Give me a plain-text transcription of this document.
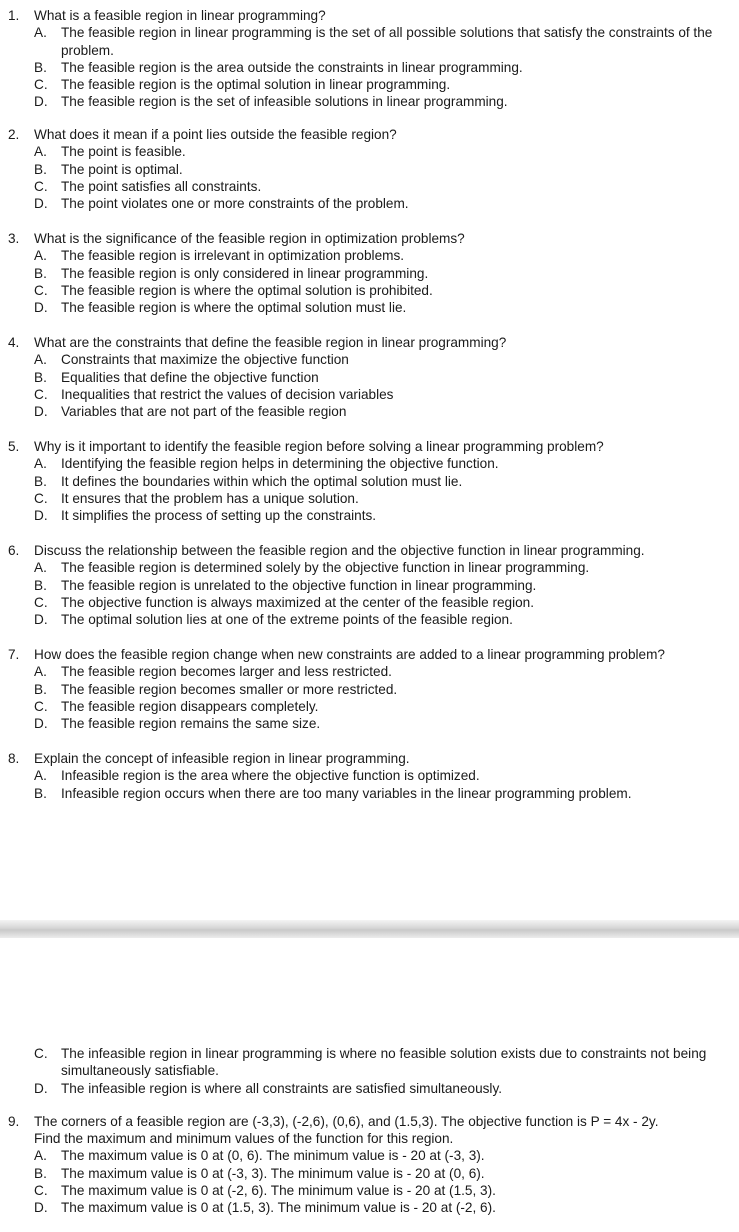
1. What is a feasible region in linear programming?
A. The feasible region in linear programming is the set of all possible solutions that satisfy the constraints of the problem.
B. The feasible region is the area outside the constraints in linear programming.
C. The feasible region is the optimal solution in linear programming.
D. The feasible region is the set of infeasible solutions in linear programming.
2. What does it mean if a point lies outside the feasible region?
A. The point is feasible.
B. The point is optimal.
C. The point satisfies all constraints.
D. The point violates one or more constraints of the problem.
3. What is the significance of the feasible region in optimization problems?
A. The feasible region is irrelevant in optimization problems.
B. The feasible region is only considered in linear programming.
C. The feasible region is where the optimal solution is prohibited.
D. The feasible region is where the optimal solution must lie.
4. What are the constraints that define the feasible region in linear programming?
A. Constraints that maximize the objective function
B. Equalities that define the objective function
C. Inequalities that restrict the values of decision variables
D. Variables that are not part of the feasible region
5. Why is it important to identify the feasible region before solving a linear programming problem?
A. Identifying the feasible region helps in determining the objective function.
B. It defines the boundaries within which the optimal solution must lie.
C. It ensures that the problem has a unique solution.
D. It simplifies the process of setting up the constraints.
6. Discuss the relationship between the feasible region and the objective function in linear programming.
A. The feasible region is determined solely by the objective function in linear programming.
B. The feasible region is unrelated to the objective function in linear programming.
C. The objective function is always maximized at the center of the feasible region.
D. The optimal solution lies at one of the extreme points of the feasible region.
7. How does the feasible region change when new constraints are added to a linear programming problem?
A. The feasible region becomes larger and less restricted.
B. The feasible region becomes smaller or more restricted.
C. The feasible region disappears completely.
D. The feasible region remains the same size.
8. Explain the concept of infeasible region in linear programming.
A. Infeasible region is the area where the objective function is optimized.
B. Infeasible region occurs when there are too many variables in the linear programming problem.
C. The infeasible region in linear programming is where no feasible solution exists due to constraints not being simultaneously satisfiable.
D. The infeasible region is where all constraints are satisfied simultaneously.
9. The corners of a feasible region are (-3,3), (-2,6), (0,6), and (1.5,3). The objective function is P = 4x - 2y.
Find the maximum and minimum values of the function for this region.
A. The maximum value is 0 at (0, 6). The minimum value is - 20 at (-3, 3).
B. The maximum value is 0 at (-3, 3). The minimum value is - 20 at (0, 6).
C. The maximum value is 0 at (-2, 6). The minimum value is - 20 at (1.5, 3).
D. The maximum value is 0 at (1.5, 3). The minimum value is - 20 at (-2, 6).
